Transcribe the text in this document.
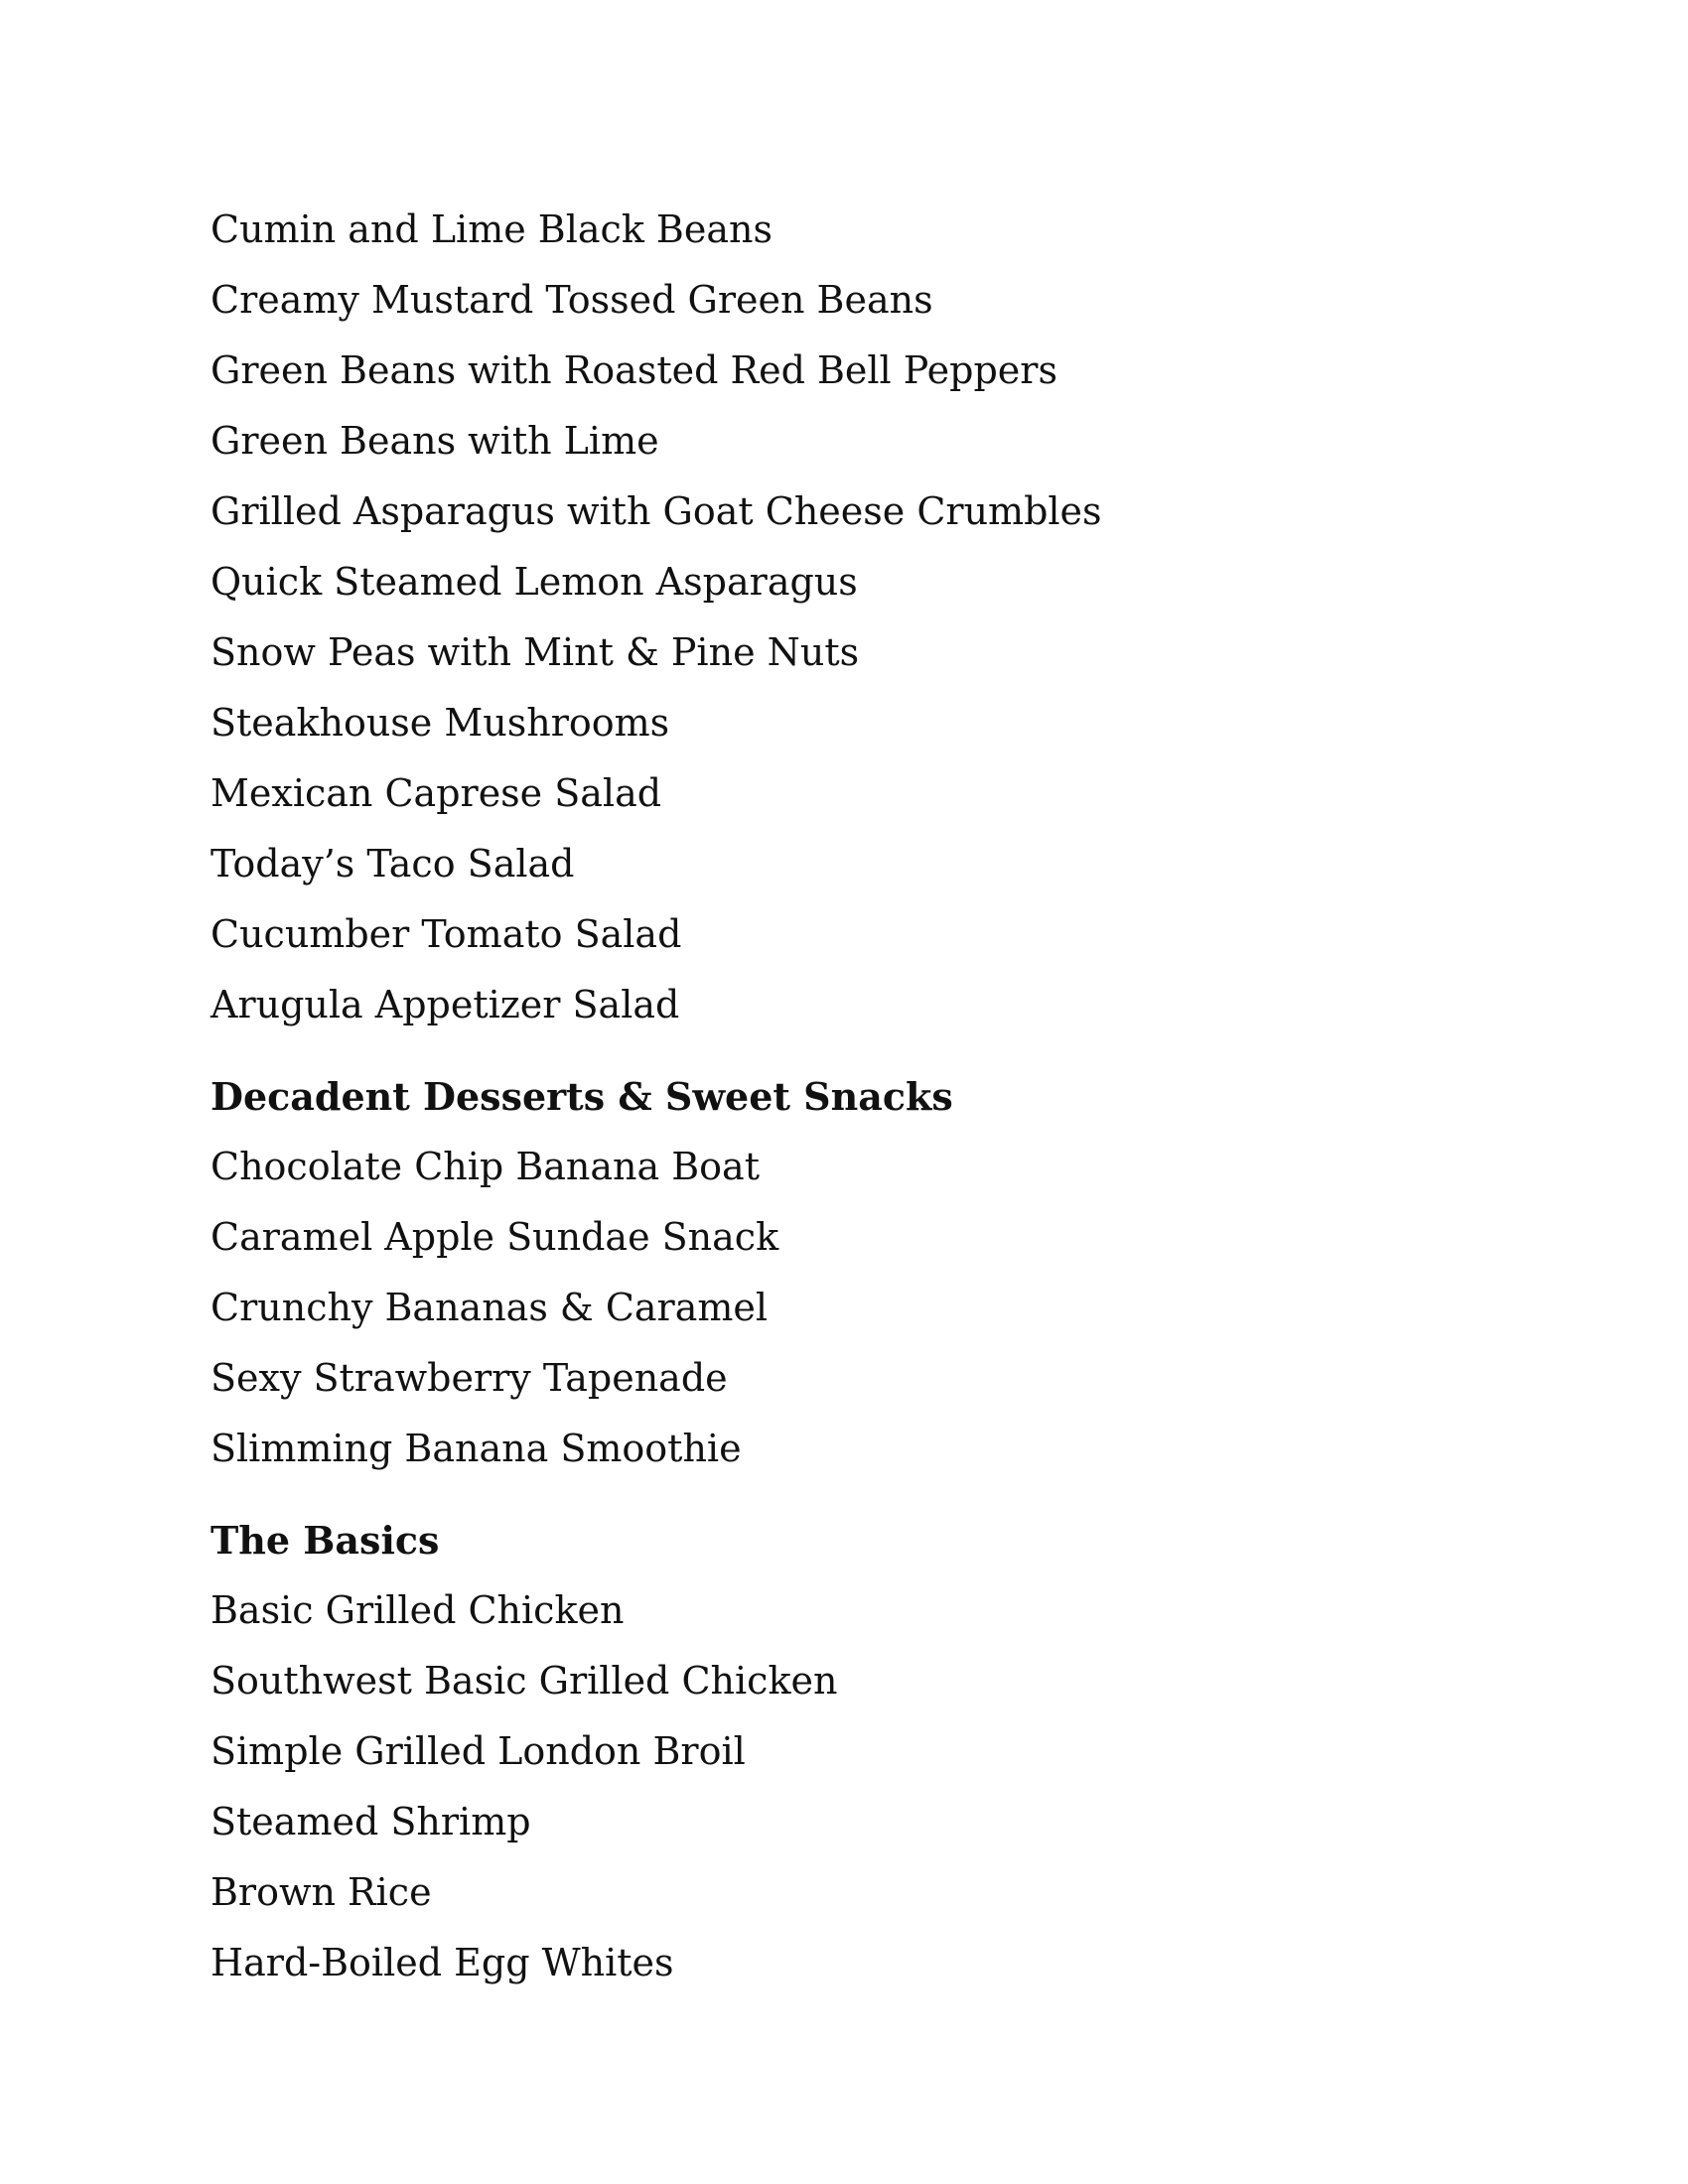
Cumin and Lime Black Beans
Creamy Mustard Tossed Green Beans
Green Beans with Roasted Red Bell Peppers
Green Beans with Lime
Grilled Asparagus with Goat Cheese Crumbles
Quick Steamed Lemon Asparagus
Snow Peas with Mint & Pine Nuts
Steakhouse Mushrooms
Mexican Caprese Salad
Today’s Taco Salad
Cucumber Tomato Salad
Arugula Appetizer Salad
Decadent Desserts & Sweet Snacks
Chocolate Chip Banana Boat
Caramel Apple Sundae Snack
Crunchy Bananas & Caramel
Sexy Strawberry Tapenade
Slimming Banana Smoothie
The Basics
Basic Grilled Chicken
Southwest Basic Grilled Chicken
Simple Grilled London Broil
Steamed Shrimp
Brown Rice
Hard-Boiled Egg Whites
